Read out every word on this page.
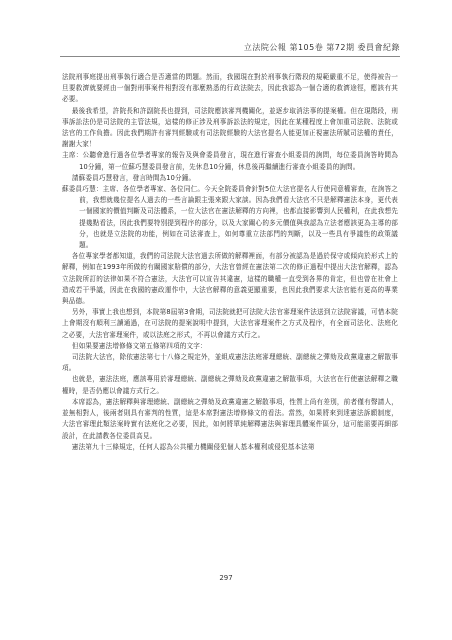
立法院公報 第105卷 第72期 委員會紀錄

法院刑事庭提出刑事執行適合是否適當的問題。然而，我國現在對於刑事執行階段的規範嚴重不足，使得被告一旦要救濟就要經由一個對刑事案件相對沒有那麼熟悉的行政法院去，因此我認為一個合適的救濟途徑，應該有其必要。

最後我希望，許院長和許副院長也提到，司法院應該審判機關化，並逐步取消法事的提案權。但在現階段，刑事訴訟法仍是司法院的主管法規，這樣的修正涉及刑事訴訟法的規定，因此在某種程度上會加重司法院、法院或法官的工作負擔。因此我們期許有審判經驗或有司法院經驗的大法官提名人能更加正視憲法所賦司法權的責任，謝謝大家！

主席：公聽會進行過各位學者專家的報告及與會委員發言，現在進行審查小組委員的詢問，每位委員詢答時間為10分鐘，第一位蘇巧慧委員發言前，先休息10分鐘，休息後再繼續進行審查小組委員的詢問。

請蘇委員巧慧發言，發言時間為10分鐘。

蘇委員巧慧：主席、各位學者專家、各位同仁。今天全院委員會針對5位大法官提名人行使同意權審查，在詢答之前，我想就幾位提名人過去的一些言論跟主張來跟大家談。因為我們看大法官不只是解釋憲法本身，更代表一個國家的價值判斷及司法體系，一位大法官在憲法解釋的方向裡，也都直接影響到人民權利，在此我想先提幾點看法，因此我們要特別提到程序的部分，以及大家關心的多元價值與我認為立法者應該更為主導的部分，也就是立法院的功能，例如在司法審查上，如何尊重立法部門的判斷，以及一些具有爭議性的政策議題。

各位專家學者都知道，我們的司法院大法官過去所做的解釋裡面，有部分被認為是過於保守或傾向於形式上的解釋，例如在1993年所做的有關國家賠償的部分，大法官曾經在憲法第二次的修正過程中提出大法官解釋，認為立法院所訂的法律如果不符合憲法，大法官可以宣告其違憲，這樣的職權一直受到各界的肯定，但也曾在社會上造成若干爭議，因此在我國的憲政運作中，大法官解釋的意義更顯重要，也因此我們要求大法官能有更高的專業與品德。

另外，事實上我也想到，本院第8屆第3會期，司法院就把可法院大法官審理案件法送到立法院審議，可惜本院上會期沒有順利三讀通過，在可法院的提案說明中提到，大法官審理案件之方式及程序，有全面司法化、法庭化之必要，大法官審理案件，或以法庭之形式，不再以會議方式行之。

但如果要憲法增修條文第五條第四項的文字：

司法院大法官，除依憲法第七十八條之規定外，並組成憲法法庭審理總統、副總統之彈劾及政黨違憲之解散事項。

也就是，憲法法庭，應該專用於審理總統、副總統之彈劾及政黨違憲之解散事項，大法官在行使憲法解釋之職權時，是否仍應以會議方式行之。

本席認為，憲法解釋與審理總統、副總統之彈劾及政黨違憲之解散事項，性質上尚有差別，前者僅有聲請人，並無相對人，後兩者則具有審判的性質，這是本席對憲法增修條文的看法。當然，如果將來到達憲法訴願制度，大法官審理此類法案時實有法庭化之必要，因此，如何將單純解釋憲法與審理具體案件區分，這可能需要再細部設計，在此請教各位委員高見。

憲法第九十三條規定，任何人認為公共權力機關侵犯個人基本權利或侵犯基本法第

297
